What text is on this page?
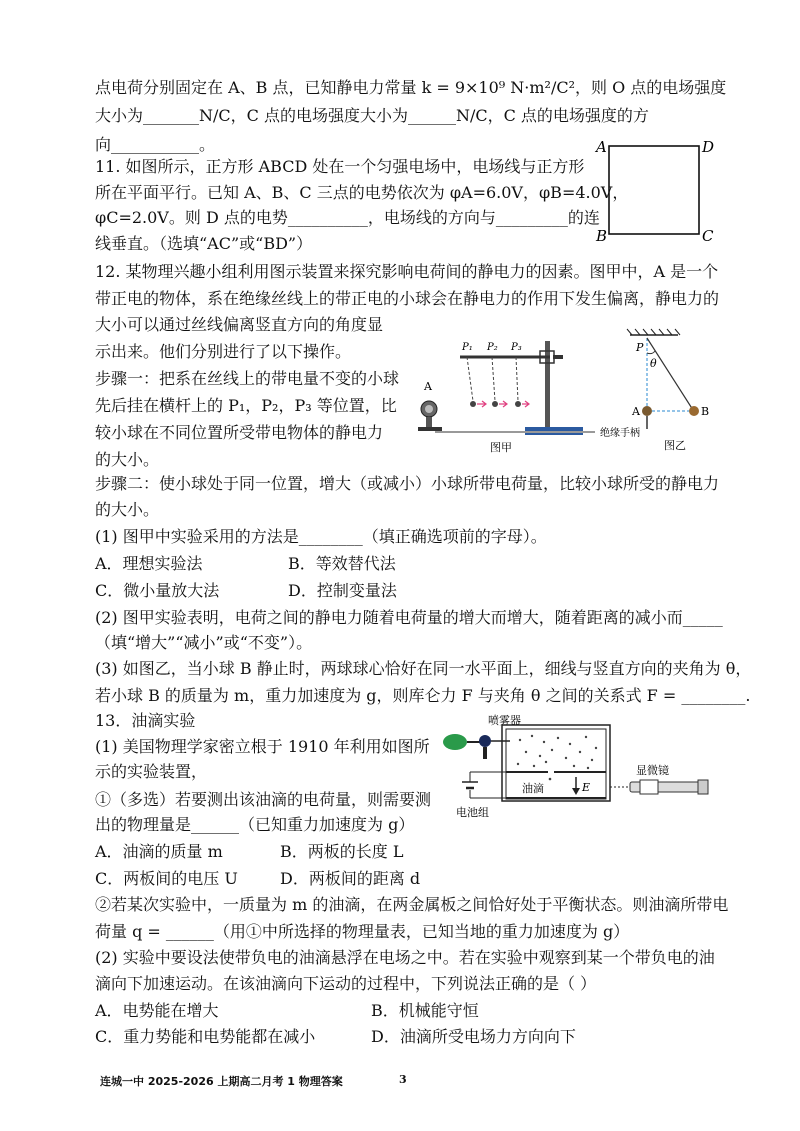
点电荷分别固定在 A、B 点，已知静电力常量 k = 9×10⁹ N·m²/C²，则 O 点的电场强度
大小为_______N/C，C 点的电场强度大小为______N/C，C 点的电场强度的方
向___________。
11. 如图所示，正方形 ABCD 处在一个匀强电场中，电场线与正方形
所在平面平行。已知 A、B、C 三点的电势依次为 φA=6.0V，φB=4.0V，
φC=2.0V。则 D 点的电势__________，电场线的方向与_________的连
线垂直。（选填“AC”或“BD”）
A	D
B	C
12. 某物理兴趣小组利用图示装置来探究影响电荷间的静电力的因素。图甲中，A 是一个
带正电的物体，系在绝缘丝线上的带正电的小球会在静电力的作用下发生偏离，静电力的
大小可以通过丝线偏离竖直方向的角度显
示出来。他们分别进行了以下操作。
步骤一：把系在丝线上的带电量不变的小球
先后挂在横杆上的 P₁，P₂，P₃ 等位置，比
较小球在不同位置所受带电物体的静电力
的大小。
步骤二：使小球处于同一位置，增大（或减小）小球所带电荷量，比较小球所受的静电力
的大小。
A
P₁ P₂ P₃
图甲
P
θ
A	B
绝缘手柄
图乙
(1) 图甲中实验采用的方法是________（填正确选项前的字母）。
A．理想实验法	B．等效替代法
C．微小量放大法	D．控制变量法
(2) 图甲实验表明，电荷之间的静电力随着电荷量的增大而增大，随着距离的减小而_____
（填“增大”“减小”或“不变”）。
(3) 如图乙，当小球 B 静止时，两球球心恰好在同一水平面上，细线与竖直方向的夹角为 θ，
若小球 B 的质量为 m，重力加速度为 g，则库仑力 F 与夹角 θ 之间的关系式 F = ________.
13．油滴实验
(1) 美国物理学家密立根于 1910 年利用如图所
示的实验装置，
①（多选）若要测出该油滴的电荷量，则需要测
出的物理量是______（已知重力加速度为 g）
A．油滴的质量 m	B．两板的长度 L
C．两板间的电压 U	D．两板间的距离 d
②若某次实验中，一质量为 m 的油滴，在两金属板之间恰好处于平衡状态。则油滴所带电
荷量 q = ______（用①中所选择的物理量表，已知当地的重力加速度为 g）
(2) 实验中要设法使带负电的油滴悬浮在电场之中。若在实验中观察到某一个带负电的油
滴向下加速运动。在该油滴向下运动的过程中，下列说法正确的是（ ）
A．电势能在增大	B．机械能守恒
C．重力势能和电势能都在减小	D．油滴所受电场力方向向下
喷雾器
油滴	E
电池组
显微镜
连城一中 2025-2026 上期高二月考 1 物理答案	3
